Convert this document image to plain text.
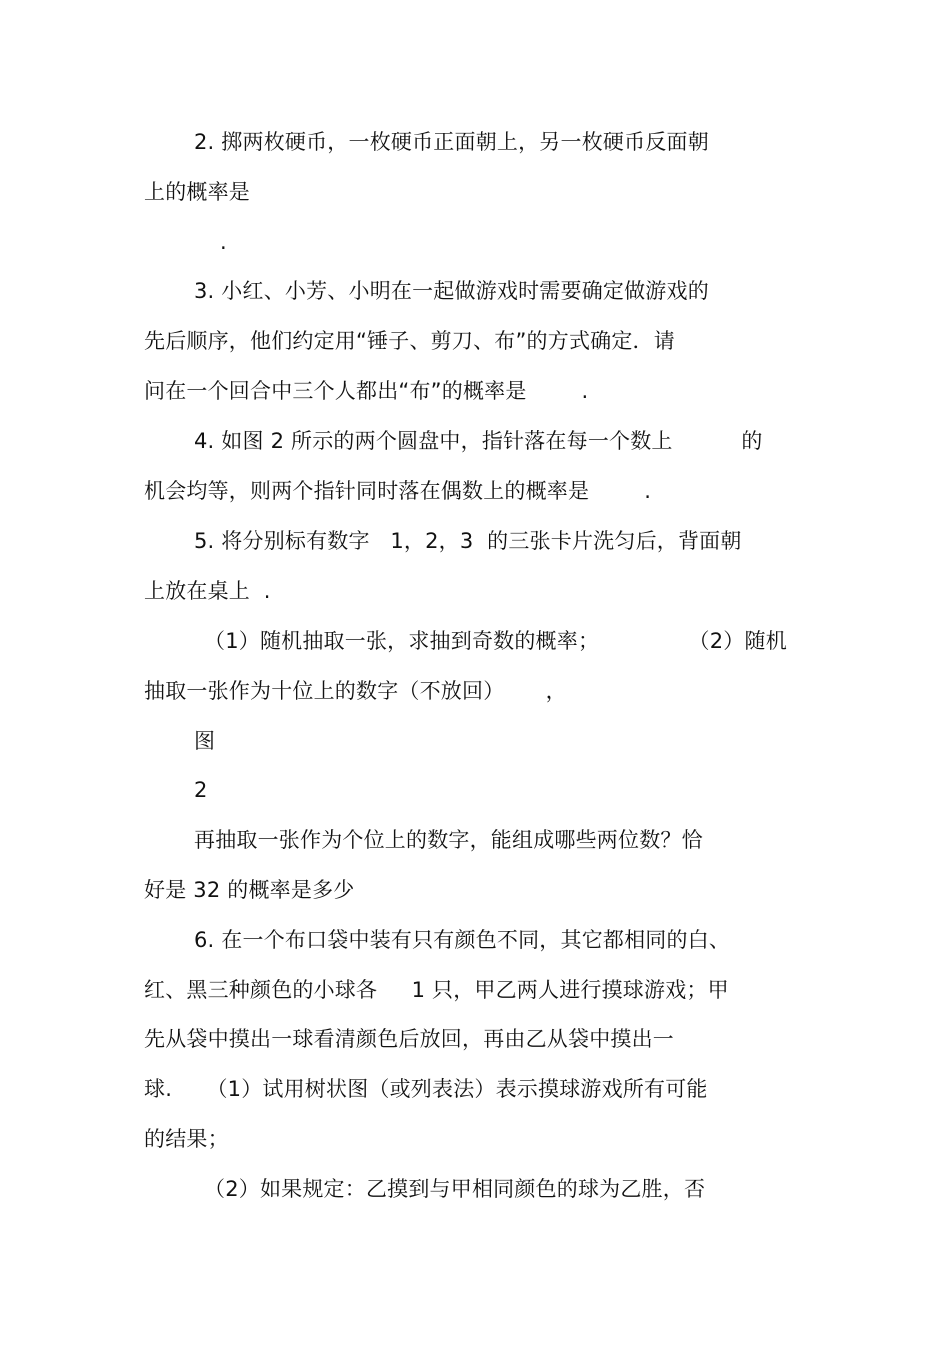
2. 掷两枚硬币，一枚硬币正面朝上，另一枚硬币反面朝
上的概率是
.
3. 小红、小芳、小明在一起做游戏时需要确定做游戏的
先后顺序，他们约定用“锤子、剪刀、布”的方式确定．请
问在一个回合中三个人都出“布”的概率是        .
4. 如图 2 所示的两个圆盘中，指针落在每一个数上          的
机会均等，则两个指针同时落在偶数上的概率是        .
5. 将分别标有数字   1，2，3  的三张卡片洗匀后，背面朝
上放在桌上  .
（1）随机抽取一张，求抽到奇数的概率；             （2）随机
抽取一张作为十位上的数字（不放回）      ，
图
2
再抽取一张作为个位上的数字，能组成哪些两位数？恰
好是 32 的概率是多少
6. 在一个布口袋中装有只有颜色不同，其它都相同的白、
红、黑三种颜色的小球各     1 只，甲乙两人进行摸球游戏；甲
先从袋中摸出一球看清颜色后放回，再由乙从袋中摸出一
球.     （1）试用树状图（或列表法）表示摸球游戏所有可能
的结果；
（2）如果规定：乙摸到与甲相同颜色的球为乙胜，否
